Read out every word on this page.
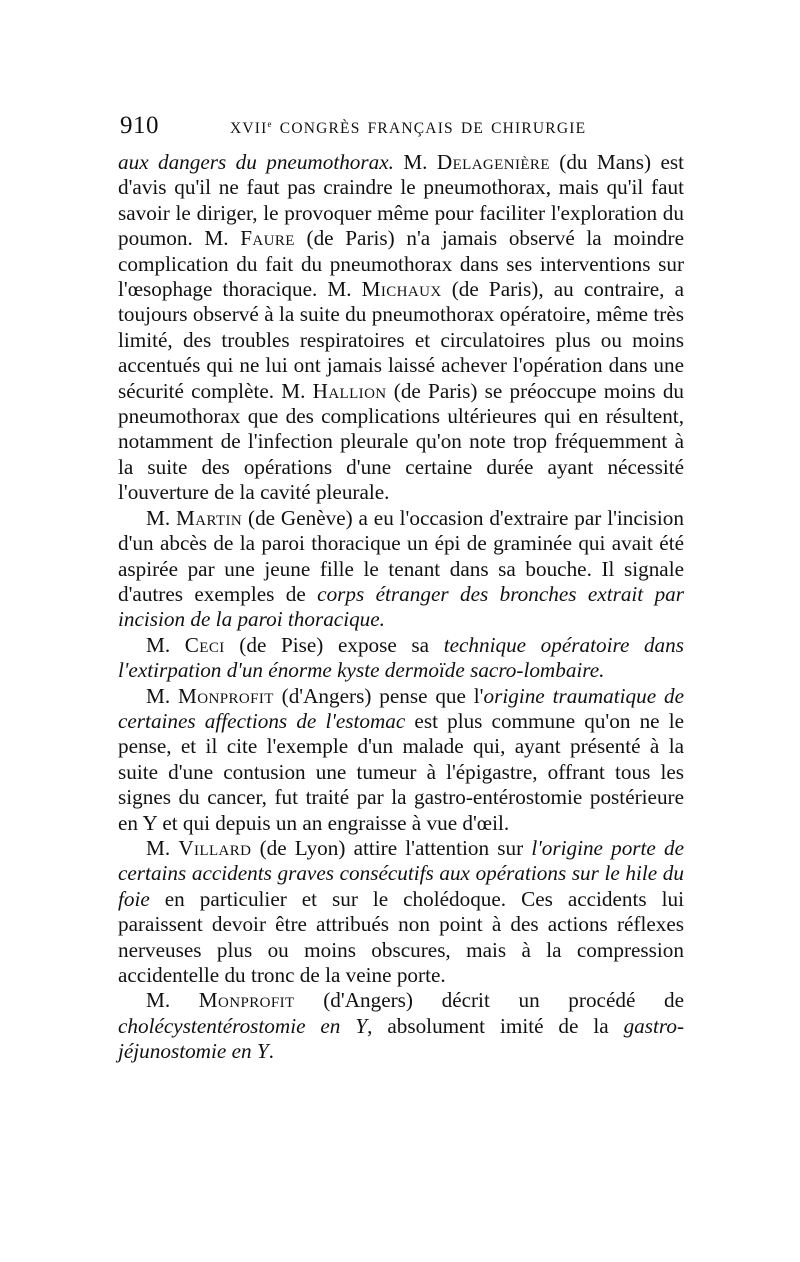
910	XVIIe CONGRÈS FRANÇAIS DE CHIRURGIE

aux dangers du pneumothorax. M. Delagenière (du Mans) est d'avis qu'il ne faut pas craindre le pneumothorax, mais qu'il faut savoir le diriger, le provoquer même pour faciliter l'exploration du poumon. M. Faure (de Paris) n'a jamais observé la moindre complication du fait du pneumothorax dans ses interventions sur l'œsophage thoracique. M. Michaux (de Paris), au contraire, a toujours observé à la suite du pneumothorax opératoire, même très limité, des troubles respiratoires et circulatoires plus ou moins accentués qui ne lui ont jamais laissé achever l'opération dans une sécurité complète. M. Hallion (de Paris) se préoccupe moins du pneumothorax que des complications ultérieures qui en résultent, notamment de l'infection pleurale qu'on note trop fréquemment à la suite des opérations d'une certaine durée ayant nécessité l'ouverture de la cavité pleurale.

M. Martin (de Genève) a eu l'occasion d'extraire par l'incision d'un abcès de la paroi thoracique un épi de graminée qui avait été aspirée par une jeune fille le tenant dans sa bouche. Il signale d'autres exemples de corps étranger des bronches extrait par incision de la paroi thoracique.

M. Ceci (de Pise) expose sa technique opératoire dans l'extirpation d'un énorme kyste dermoïde sacro-lombaire.

M. Monprofit (d'Angers) pense que l'origine traumatique de certaines affections de l'estomac est plus commune qu'on ne le pense, et il cite l'exemple d'un malade qui, ayant présenté à la suite d'une contusion une tumeur à l'épigastre, offrant tous les signes du cancer, fut traité par la gastro-entérostomie postérieure en Y et qui depuis un an engraisse à vue d'œil.

M. Villard (de Lyon) attire l'attention sur l'origine porte de certains accidents graves consécutifs aux opérations sur le hile du foie en particulier et sur le cholédoque. Ces accidents lui paraissent devoir être attribués non point à des actions réflexes nerveuses plus ou moins obscures, mais à la compression accidentelle du tronc de la veine porte.

M. Monprofit (d'Angers) décrit un procédé de cholécystentérostomie en Y, absolument imité de la gastro-jéjunostomie en Y.
